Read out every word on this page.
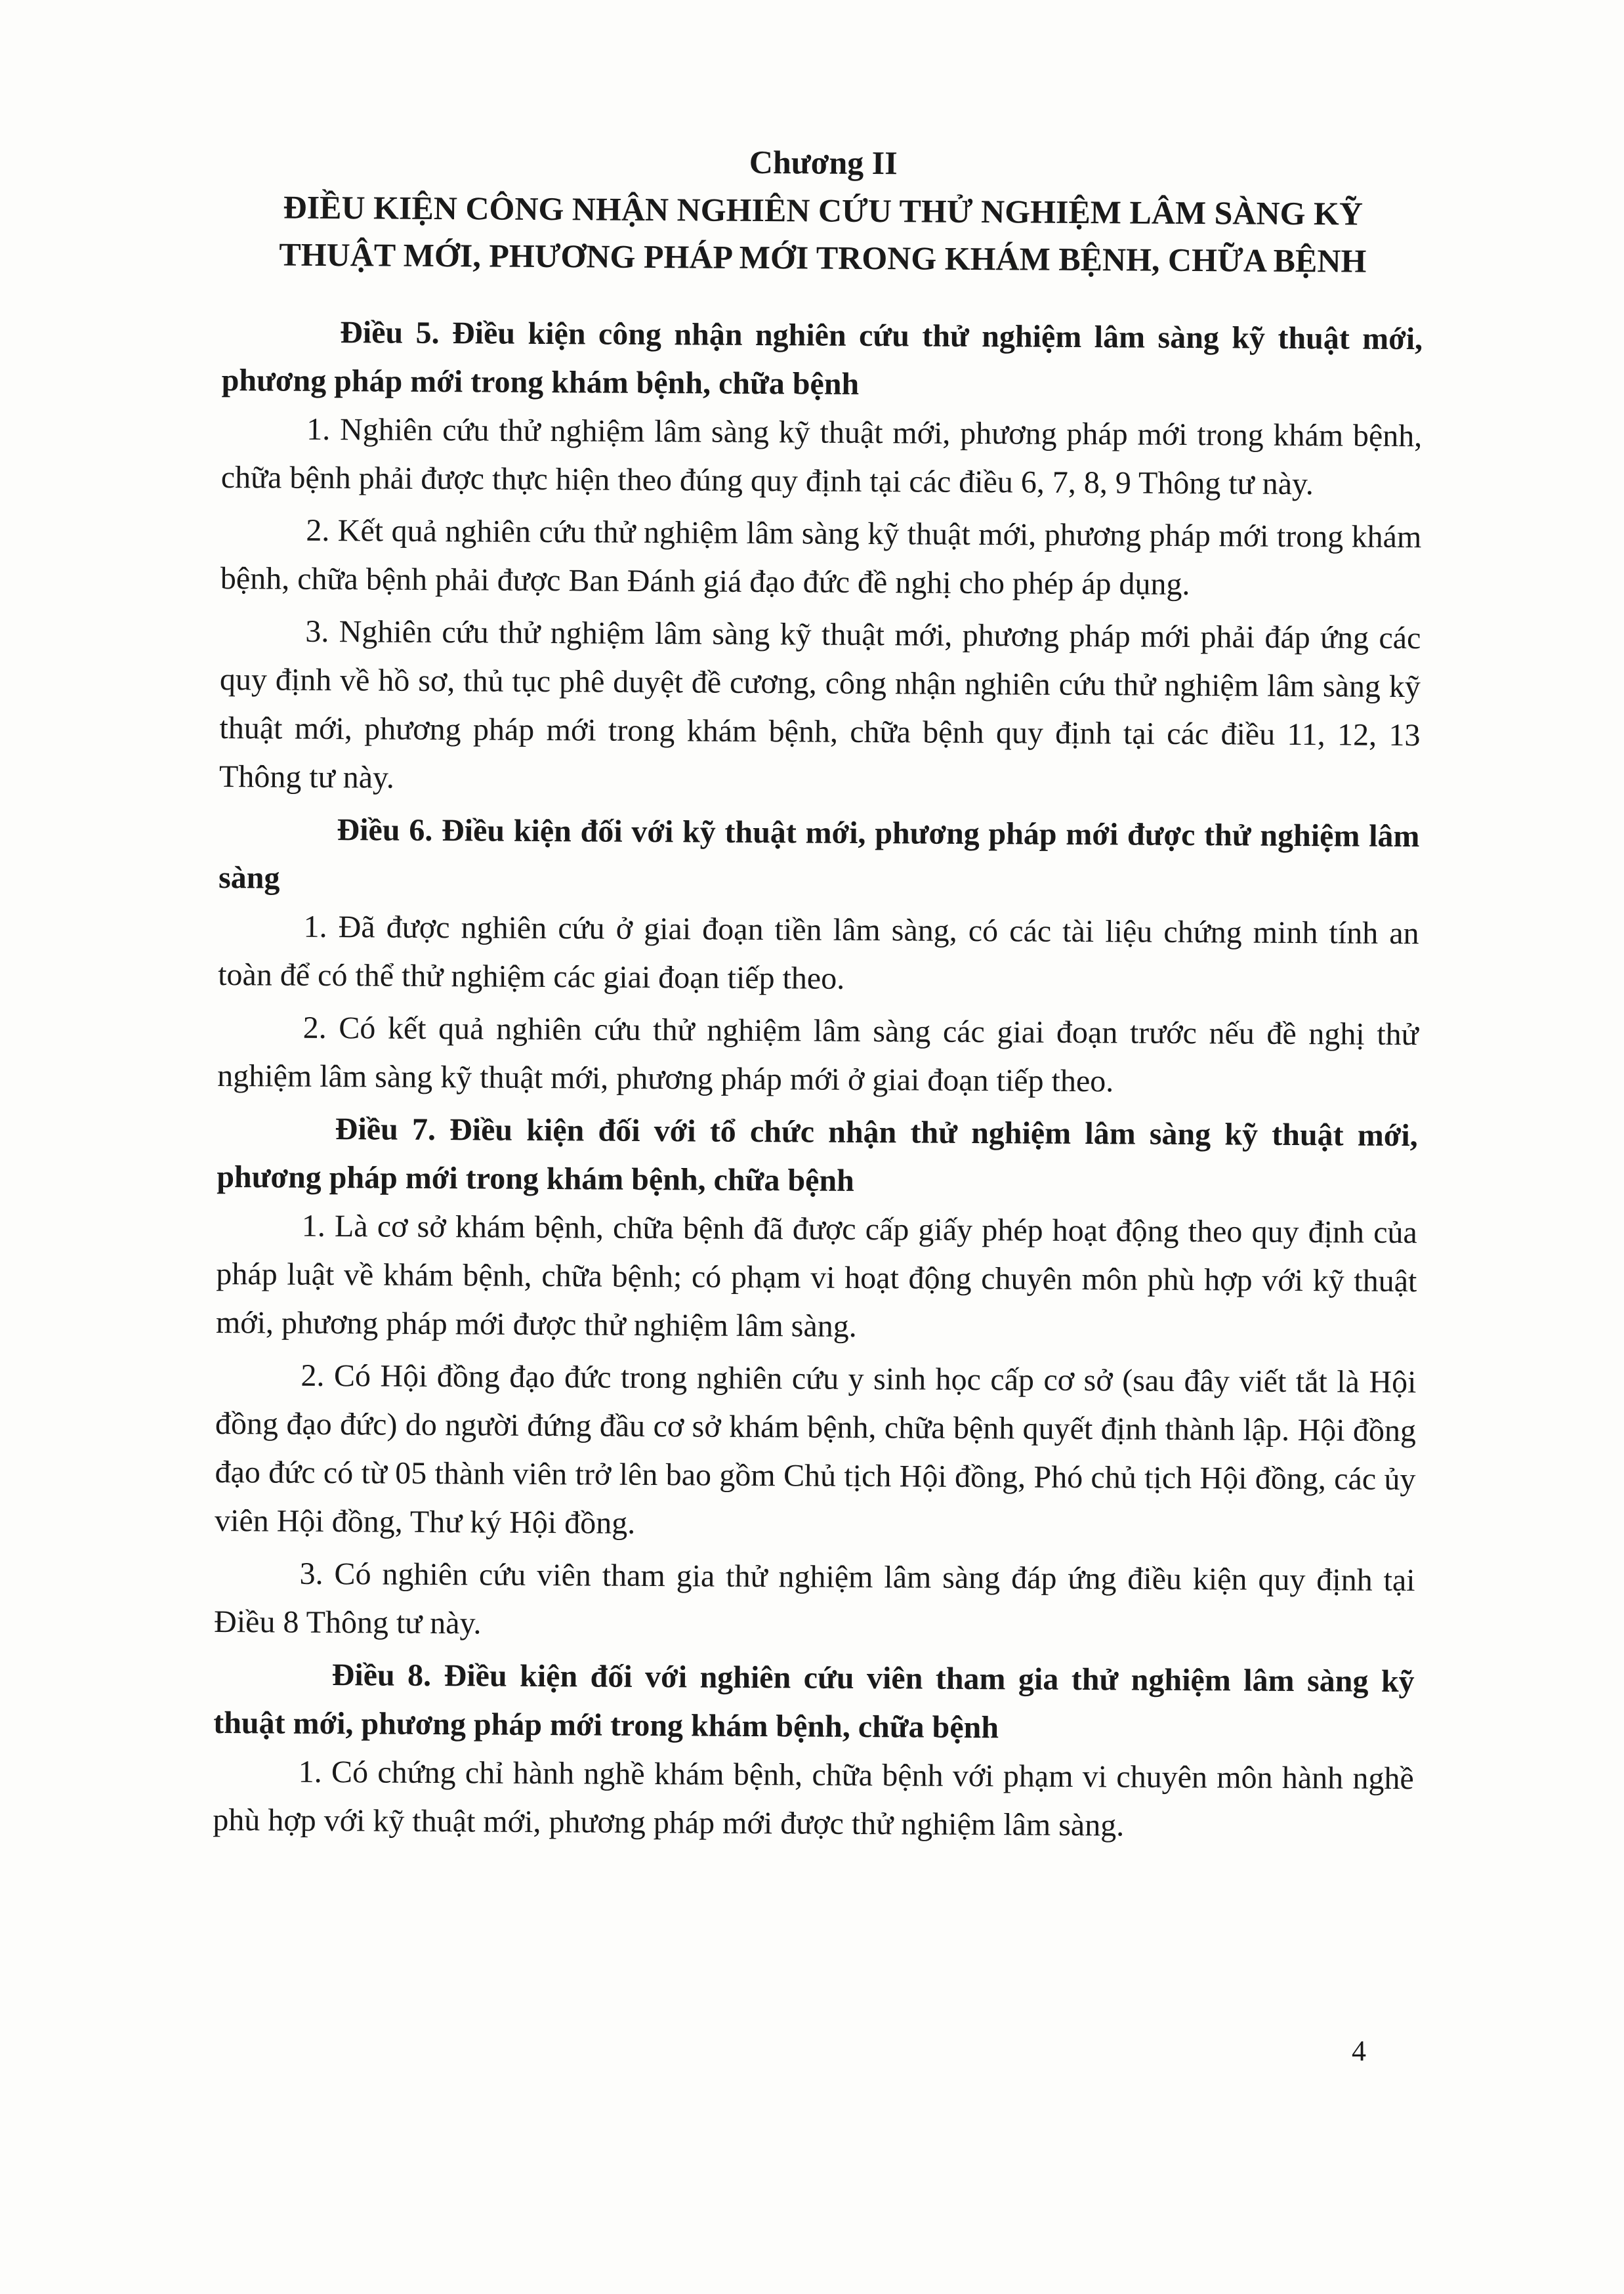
Chương II
ĐIỀU KIỆN CÔNG NHẬN NGHIÊN CỨU THỬ NGHIỆM LÂM SÀNG KỸ THUẬT MỚI, PHƯƠNG PHÁP MỚI TRONG KHÁM BỆNH, CHỮA BỆNH

Điều 5. Điều kiện công nhận nghiên cứu thử nghiệm lâm sàng kỹ thuật mới, phương pháp mới trong khám bệnh, chữa bệnh

1. Nghiên cứu thử nghiệm lâm sàng kỹ thuật mới, phương pháp mới trong khám bệnh, chữa bệnh phải được thực hiện theo đúng quy định tại các điều 6, 7, 8, 9 Thông tư này.

2. Kết quả nghiên cứu thử nghiệm lâm sàng kỹ thuật mới, phương pháp mới trong khám bệnh, chữa bệnh phải được Ban Đánh giá đạo đức đề nghị cho phép áp dụng.

3. Nghiên cứu thử nghiệm lâm sàng kỹ thuật mới, phương pháp mới phải đáp ứng các quy định về hồ sơ, thủ tục phê duyệt đề cương, công nhận nghiên cứu thử nghiệm lâm sàng kỹ thuật mới, phương pháp mới trong khám bệnh, chữa bệnh quy định tại các điều 11, 12, 13 Thông tư này.

Điều 6. Điều kiện đối với kỹ thuật mới, phương pháp mới được thử nghiệm lâm sàng

1. Đã được nghiên cứu ở giai đoạn tiền lâm sàng, có các tài liệu chứng minh tính an toàn để có thể thử nghiệm các giai đoạn tiếp theo.

2. Có kết quả nghiên cứu thử nghiệm lâm sàng các giai đoạn trước nếu đề nghị thử nghiệm lâm sàng kỹ thuật mới, phương pháp mới ở giai đoạn tiếp theo.

Điều 7. Điều kiện đối với tổ chức nhận thử nghiệm lâm sàng kỹ thuật mới, phương pháp mới trong khám bệnh, chữa bệnh

1. Là cơ sở khám bệnh, chữa bệnh đã được cấp giấy phép hoạt động theo quy định của pháp luật về khám bệnh, chữa bệnh; có phạm vi hoạt động chuyên môn phù hợp với kỹ thuật mới, phương pháp mới được thử nghiệm lâm sàng.

2. Có Hội đồng đạo đức trong nghiên cứu y sinh học cấp cơ sở (sau đây viết tắt là Hội đồng đạo đức) do người đứng đầu cơ sở khám bệnh, chữa bệnh quyết định thành lập. Hội đồng đạo đức có từ 05 thành viên trở lên bao gồm Chủ tịch Hội đồng, Phó chủ tịch Hội đồng, các ủy viên Hội đồng, Thư ký Hội đồng.

3. Có nghiên cứu viên tham gia thử nghiệm lâm sàng đáp ứng điều kiện quy định tại Điều 8 Thông tư này.

Điều 8. Điều kiện đối với nghiên cứu viên tham gia thử nghiệm lâm sàng kỹ thuật mới, phương pháp mới trong khám bệnh, chữa bệnh

1. Có chứng chỉ hành nghề khám bệnh, chữa bệnh với phạm vi chuyên môn hành nghề phù hợp với kỹ thuật mới, phương pháp mới được thử nghiệm lâm sàng.

4
